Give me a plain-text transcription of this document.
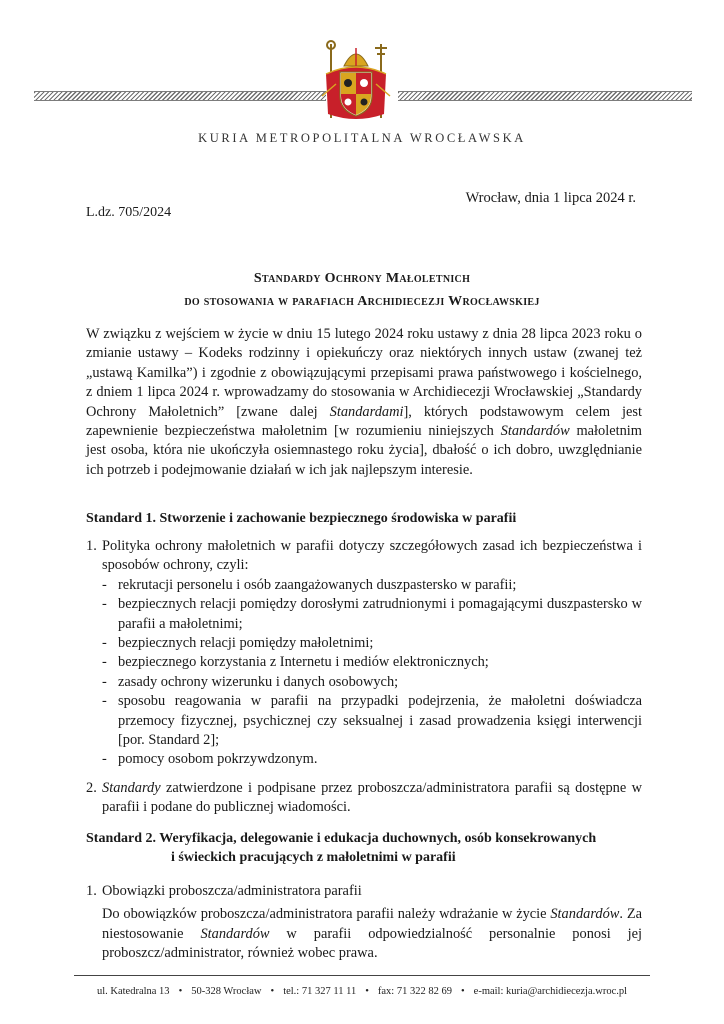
KURIA METROPOLITALNA WROCŁAWSKA
Wrocław, dnia 1 lipca 2024 r.
L.dz. 705/2024
Standardy Ochrony Małoletnich
do stosowania w parafiach Archidiecezji Wrocławskiej

W związku z wejściem w życie w dniu 15 lutego 2024 roku ustawy z dnia 28 lipca 2023 roku o zmianie ustawy – Kodeks rodzinny i opiekuńczy oraz niektórych innych ustaw (zwanej też „ustawą Kamilka”) i zgodnie z obowiązującymi przepisami prawa państwowego i kościelnego, z dniem 1 lipca 2024 r. wprowadzamy do stosowania w Archidiecezji Wrocławskiej „Standardy Ochrony Małoletnich” [zwane dalej Standardami], których podstawowym celem jest zapewnienie bezpieczeństwa małoletnim [w rozumieniu niniejszych Standardów małoletnim jest osoba, która nie ukończyła osiemnastego roku życia], dbałość o ich dobro, uwzględnianie ich potrzeb i podejmowanie działań w ich jak najlepszym interesie.

Standard 1. Stworzenie i zachowanie bezpiecznego środowiska w parafii
1. Polityka ochrony małoletnich w parafii dotyczy szczegółowych zasad ich bezpieczeństwa i sposobów ochrony, czyli:

- rekrutacji personelu i osób zaangażowanych duszpastersko w parafii;
- bezpiecznych relacji pomiędzy dorosłymi zatrudnionymi i pomagającymi duszpastersko w parafii a małoletnimi;
- bezpiecznych relacji pomiędzy małoletnimi;
- bezpiecznego korzystania z Internetu i mediów elektronicznych;
- zasady ochrony wizerunku i danych osobowych;
- sposobu reagowania w parafii na przypadki podejrzenia, że małoletni doświadcza przemocy fizycznej, psychicznej czy seksualnej i zasad prowadzenia księgi interwencji [por. Standard 2];
- pomocy osobom pokrzywdzonym.
2. Standardy zatwierdzone i podpisane przez proboszcza/administratora parafii są dostępne w parafii i podane do publicznej wiadomości.

Standard 2. Weryfikacja, delegowanie i edukacja duchownych, osób konsekrowanych
i świeckich pracujących z małoletnimi w parafii
1. Obowiązki proboszcza/administratora parafii

Do obowiązków proboszcza/administratora parafii należy wdrażanie w życie Standardów. Za niestosowanie Standardów w parafii odpowiedzialność personalnie ponosi jej proboszcz/administrator, również wobec prawa.

ul. Katedralna 13 • 50-328 Wrocław • tel.: 71 327 11 11 • fax: 71 322 82 69 • e-mail: kuria@archidiecezja.wroc.pl
